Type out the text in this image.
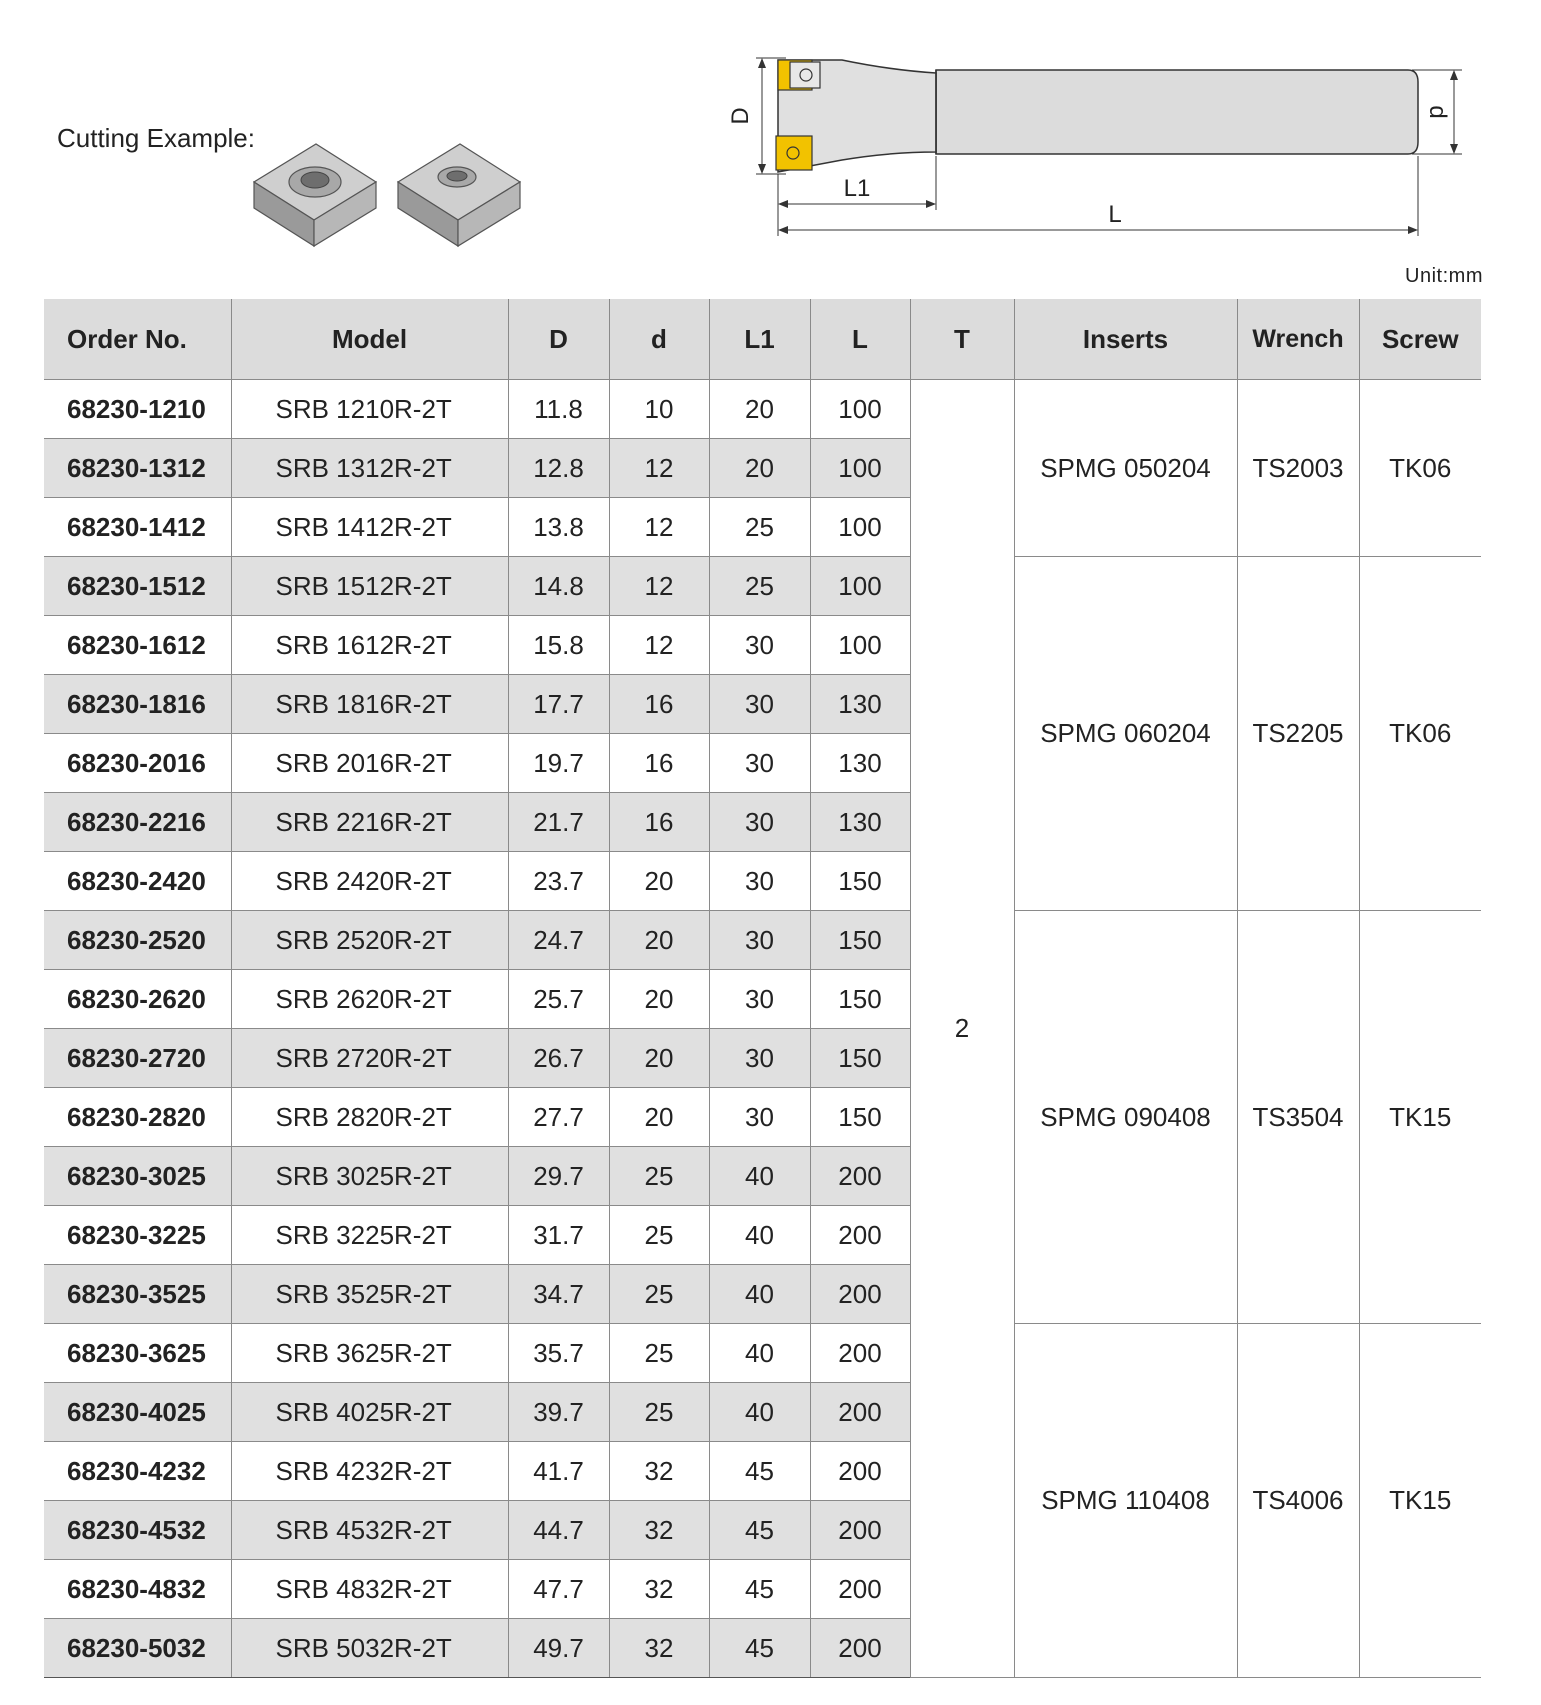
Cutting Example:
D	d
L1
L
Unit:mm
Order No.	Model	D	d	L1	L	T	Inserts	Wrench	Screw
68230-1210	SRB 1210R-2T	11.8	10	20	100	2	SPMG 050204	TS2003	TK06
68230-1312	SRB 1312R-2T	12.8	12	20	100				
68230-1412	SRB 1412R-2T	13.8	12	25	100				
68230-1512	SRB 1512R-2T	14.8	12	25	100		SPMG 060204	TS2205	TK06
68230-1612	SRB 1612R-2T	15.8	12	30	100				
68230-1816	SRB 1816R-2T	17.7	16	30	130				
68230-2016	SRB 2016R-2T	19.7	16	30	130				
68230-2216	SRB 2216R-2T	21.7	16	30	130				
68230-2420	SRB 2420R-2T	23.7	20	30	150				
68230-2520	SRB 2520R-2T	24.7	20	30	150		SPMG 090408	TS3504	TK15
68230-2620	SRB 2620R-2T	25.7	20	30	150				
68230-2720	SRB 2720R-2T	26.7	20	30	150				
68230-2820	SRB 2820R-2T	27.7	20	30	150				
68230-3025	SRB 3025R-2T	29.7	25	40	200				
68230-3225	SRB 3225R-2T	31.7	25	40	200				
68230-3525	SRB 3525R-2T	34.7	25	40	200				
68230-3625	SRB 3625R-2T	35.7	25	40	200		SPMG 110408	TS4006	TK15
68230-4025	SRB 4025R-2T	39.7	25	40	200				
68230-4232	SRB 4232R-2T	41.7	32	45	200				
68230-4532	SRB 4532R-2T	44.7	32	45	200				
68230-4832	SRB 4832R-2T	47.7	32	45	200				
68230-5032	SRB 5032R-2T	49.7	32	45	200				
